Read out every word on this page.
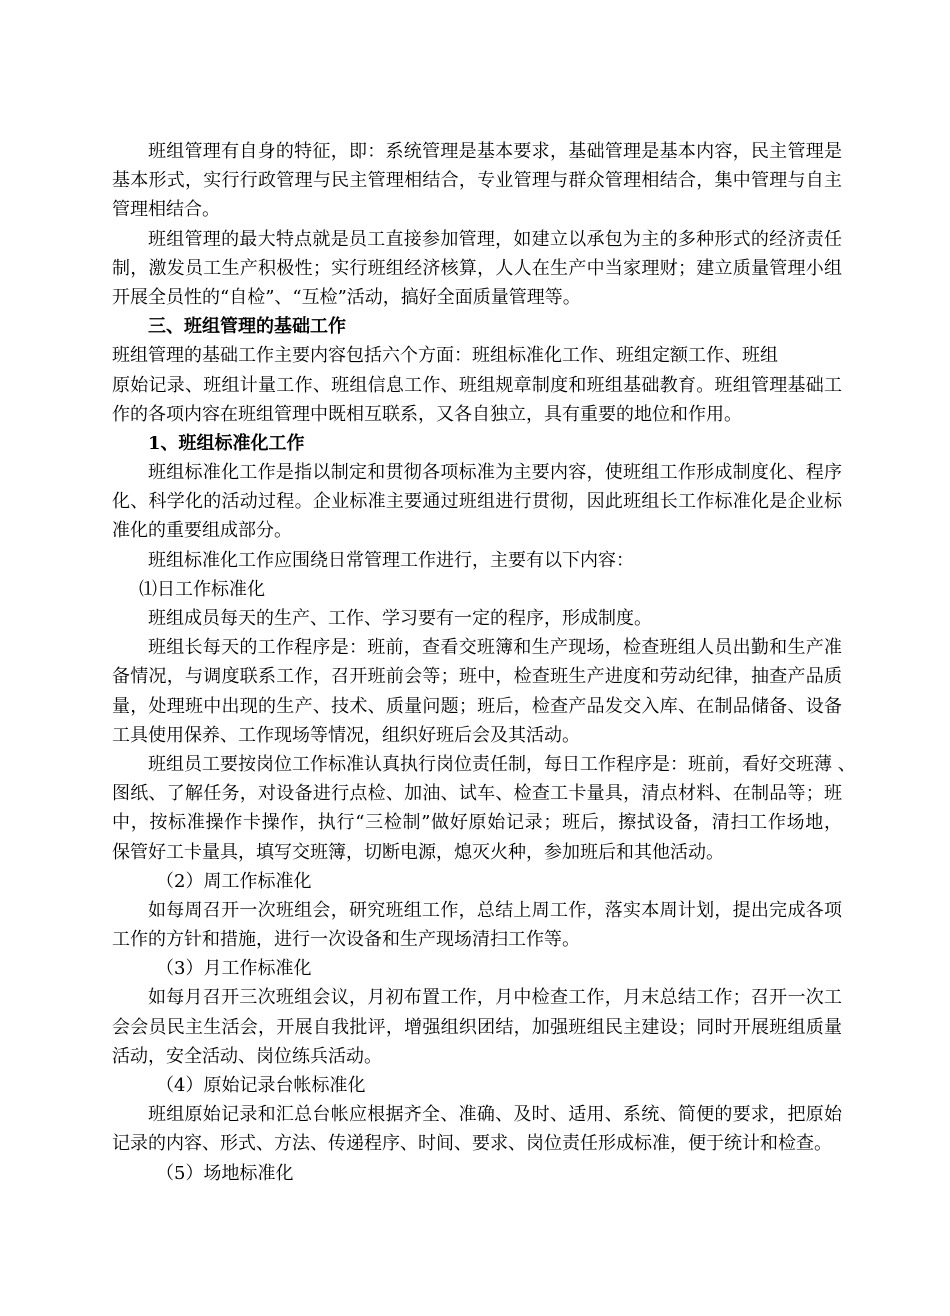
班组管理有自身的特征，即：系统管理是基本要求，基础管理是基本内容，民主管理是
基本形式，实行行政管理与民主管理相结合，专业管理与群众管理相结合，集中管理与自主
管理相结合。
班组管理的最大特点就是员工直接参加管理，如建立以承包为主的多种形式的经济责任
制，激发员工生产积极性；实行班组经济核算，人人在生产中当家理财；建立质量管理小组
开展全员性的“自检”、“互检”活动，搞好全面质量管理等。
三、班组管理的基础工作
班组管理的基础工作主要内容包括六个方面：班组标准化工作、班组定额工作、班组
原始记录、班组计量工作、班组信息工作、班组规章制度和班组基础教育。班组管理基础工
作的各项内容在班组管理中既相互联系，又各自独立，具有重要的地位和作用。
1、班组标准化工作
班组标准化工作是指以制定和贯彻各项标准为主要内容，使班组工作形成制度化、程序
化、科学化的活动过程。企业标准主要通过班组进行贯彻，因此班组长工作标准化是企业标
准化的重要组成部分。
班组标准化工作应围绕日常管理工作进行，主要有以下内容：
⑴日工作标准化
班组成员每天的生产、工作、学习要有一定的程序，形成制度。
班组长每天的工作程序是：班前，查看交班簿和生产现场，检查班组人员出勤和生产准
备情况，与调度联系工作，召开班前会等；班中，检查班生产进度和劳动纪律，抽查产品质
量，处理班中出现的生产、技术、质量问题；班后，检查产品发交入库、在制品储备、设备
工具使用保养、工作现场等情况，组织好班后会及其活动。
班组员工要按岗位工作标准认真执行岗位责任制，每日工作程序是：班前，看好交班薄 、
图纸、了解任务，对设备进行点检、加油、试车、检查工卡量具，清点材料、在制品等；班
中，按标准操作卡操作，执行“三检制”做好原始记录；班后，擦拭设备，清扫工作场地，
保管好工卡量具，填写交班簿，切断电源，熄灭火种，参加班后和其他活动。
（2）周工作标准化
如每周召开一次班组会，研究班组工作，总结上周工作，落实本周计划，提出完成各项
工作的方针和措施，进行一次设备和生产现场清扫工作等。
（3）月工作标准化
如每月召开三次班组会议，月初布置工作，月中检查工作，月末总结工作；召开一次工
会会员民主生活会，开展自我批评，增强组织团结，加强班组民主建设；同时开展班组质量
活动，安全活动、岗位练兵活动。
（4）原始记录台帐标准化
班组原始记录和汇总台帐应根据齐全、准确、及时、适用、系统、简便的要求，把原始
记录的内容、形式、方法、传递程序、时间、要求、岗位责任形成标准，便于统计和检查。
（5）场地标准化
